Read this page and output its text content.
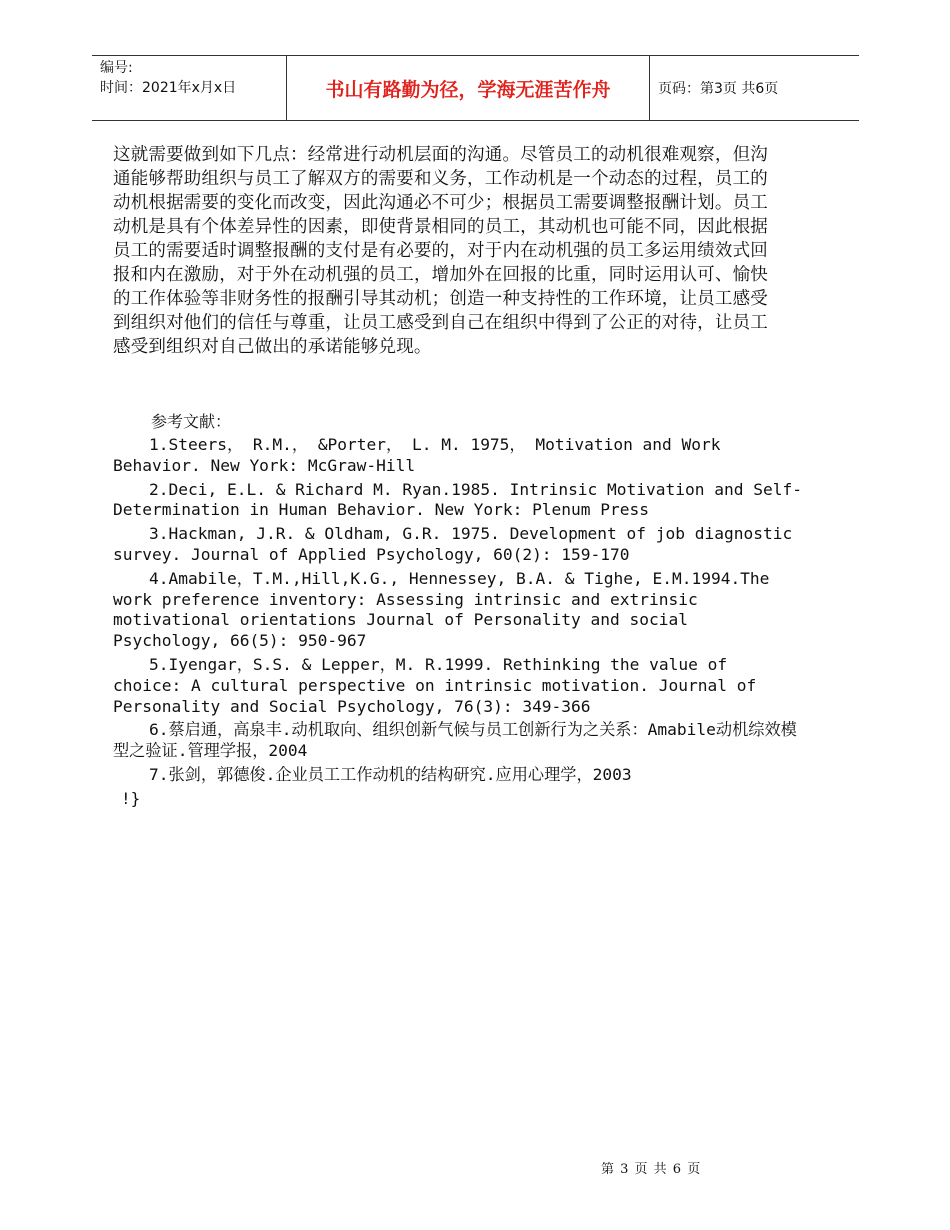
编号:
时间：2021年x月x日	书山有路勤为径，学海无涯苦作舟	页码：第3页 共6页
这就需要做到如下几点：经常进行动机层面的沟通。尽管员工的动机很难观察，但沟通能够帮助组织与员工了解双方的需要和义务，工作动机是一个动态的过程，员工的动机根据需要的变化而改变，因此沟通必不可少；根据员工需要调整报酬计划。员工动机是具有个体差异性的因素，即使背景相同的员工，其动机也可能不同，因此根据员工的需要适时调整报酬的支付是有必要的，对于内在动机强的员工多运用绩效式回报和内在激励，对于外在动机强的员工，增加外在回报的比重，同时运用认可、愉快的工作体验等非财务性的报酬引导其动机；创造一种支持性的工作环境，让员工感受到组织对他们的信任与尊重，让员工感受到自己在组织中得到了公正的对待，让员工感受到组织对自己做出的承诺能够兑现。
参考文献：
1.Steers， R.M.， &Porter， L. M. 1975， Motivation and Work Behavior. New York: McGraw-Hill
2.Deci, E.L. & Richard M. Ryan.1985. Intrinsic Motivation and Self-Determination in Human Behavior. New York: Plenum Press
3.Hackman, J.R. & Oldham, G.R. 1975. Development of job diagnostic survey. Journal of Applied Psychology, 60(2): 159-170
4.Amabile，T.M.,Hill,K.G., Hennessey, B.A. & Tighe, E.M.1994.The work preference inventory: Assessing intrinsic and extrinsic motivational orientations Journal of Personality and social Psychology, 66(5): 950-967
5.Iyengar，S.S. & Lepper，M. R.1999. Rethinking the value of choice: A cultural perspective on intrinsic motivation. Journal of Personality and Social Psychology, 76(3): 349-366
6.蔡启通，高泉丰.动机取向、组织创新气候与员工创新行为之关系：Amabile动机综效模型之验证.管理学报，2004
7.张剑，郭德俊.企业员工工作动机的结构研究.应用心理学，2003
!}
第 3 页 共 6 页
